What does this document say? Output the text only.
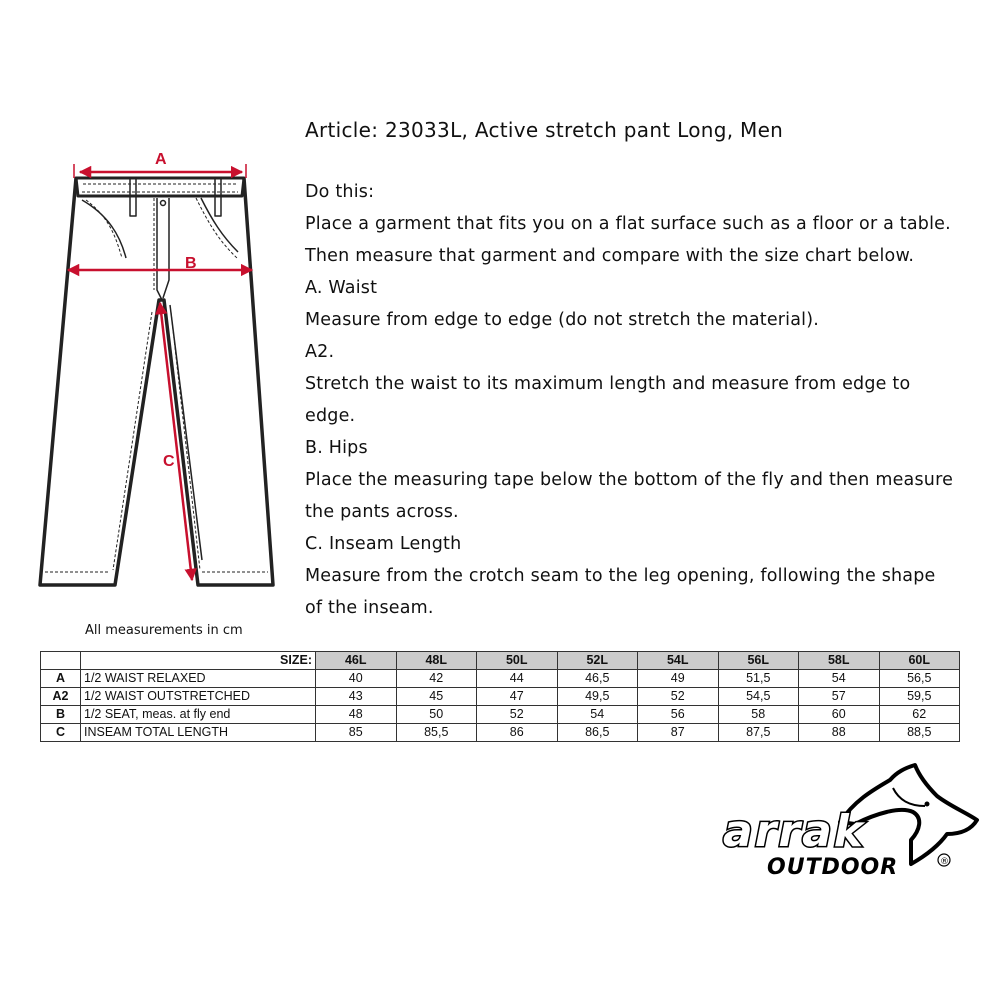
A
B
C
Article: 23033L, Active stretch pant Long, Men
Do this:
Place a garment that fits you on a flat surface such as a floor or a table.
Then measure that garment and compare with the size chart below.
A. Waist
Measure from edge to edge (do not stretch the material).
A2.
Stretch the waist to its maximum length and measure from edge to
edge.
B. Hips
Place the measuring tape below the bottom of the fly and then measure
the pants across.
C. Inseam Length
Measure from the crotch seam to the leg opening, following the shape
of the inseam.
All measurements in cm
	SIZE:	46L	48L	50L	52L	54L	56L	58L	60L
A	1/2 WAIST RELAXED	40	42	44	46,5	49	51,5	54	56,5
A2	1/2 WAIST OUTSTRETCHED	43	45	47	49,5	52	54,5	57	59,5
B	1/2 SEAT, meas. at fly end	48	50	52	54	56	58	60	62
C	INSEAM TOTAL LENGTH	85	85,5	86	86,5	87	87,5	88	88,5
arrak
OUTDOOR	®
